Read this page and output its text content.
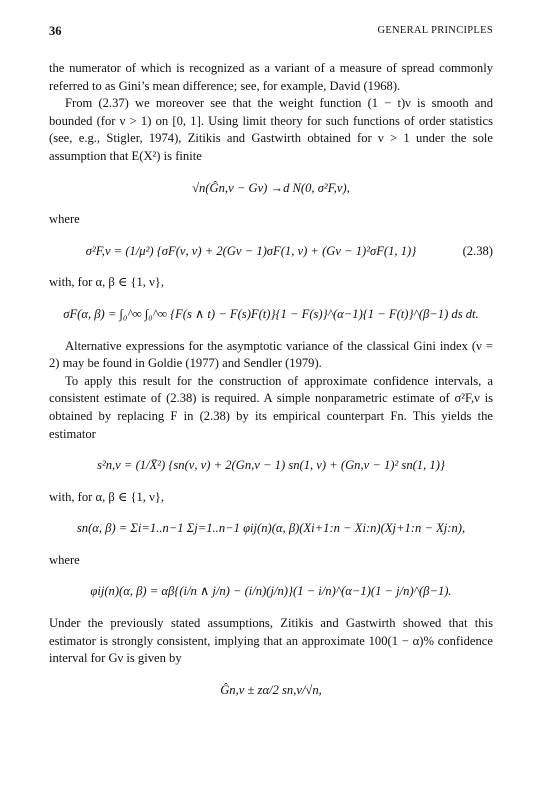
36	GENERAL PRINCIPLES

the numerator of which is recognized as a variant of a measure of spread commonly referred to as Gini’s mean difference; see, for example, David (1968).

From (2.37) we moreover see that the weight function (1 − t)ν is smooth and bounded (for ν > 1) on [0, 1]. Using limit theory for such functions of order statistics (see, e.g., Stigler, 1974), Zitikis and Gastwirth obtained for ν > 1 under the sole assumption that E(X²) is finite

√n(Ĝn,ν − Gν) →d N(0, σ²F,ν),

where

σ²F,ν = (1/μ²) {σF(ν, ν) + 2(Gν − 1)σF(1, ν) + (Gν − 1)²σF(1, 1)}	(2.38)

with, for α, β ∈ {1, ν},

σF(α, β) = ∫₀^∞ ∫₀^∞ {F(s ∧ t) − F(s)F(t)}{1 − F(s)}^(α−1){1 − F(t)}^(β−1) ds dt.

Alternative expressions for the asymptotic variance of the classical Gini index (ν = 2) may be found in Goldie (1977) and Sendler (1979).

To apply this result for the construction of approximate confidence intervals, a consistent estimate of (2.38) is required. A simple nonparametric estimate of σ²F,ν is obtained by replacing F in (2.38) by its empirical counterpart Fn. This yields the estimator

s²n,ν = (1/X̄²) {sn(ν, ν) + 2(Gn,ν − 1) sn(1, ν) + (Gn,ν − 1)² sn(1, 1)}

with, for α, β ∈ {1, ν},

sn(α, β) = Σi=1..n−1 Σj=1..n−1 φij(n)(α, β)(Xi+1:n − Xi:n)(Xj+1:n − Xj:n),

where

φij(n)(α, β) = αβ{(i/n ∧ j/n) − (i/n)(j/n)}(1 − i/n)^(α−1)(1 − j/n)^(β−1).

Under the previously stated assumptions, Zitikis and Gastwirth showed that this estimator is strongly consistent, implying that an approximate 100(1 − α)% confidence interval for Gν is given by

Ĝn,ν ± zα/2 sn,ν/√n,
